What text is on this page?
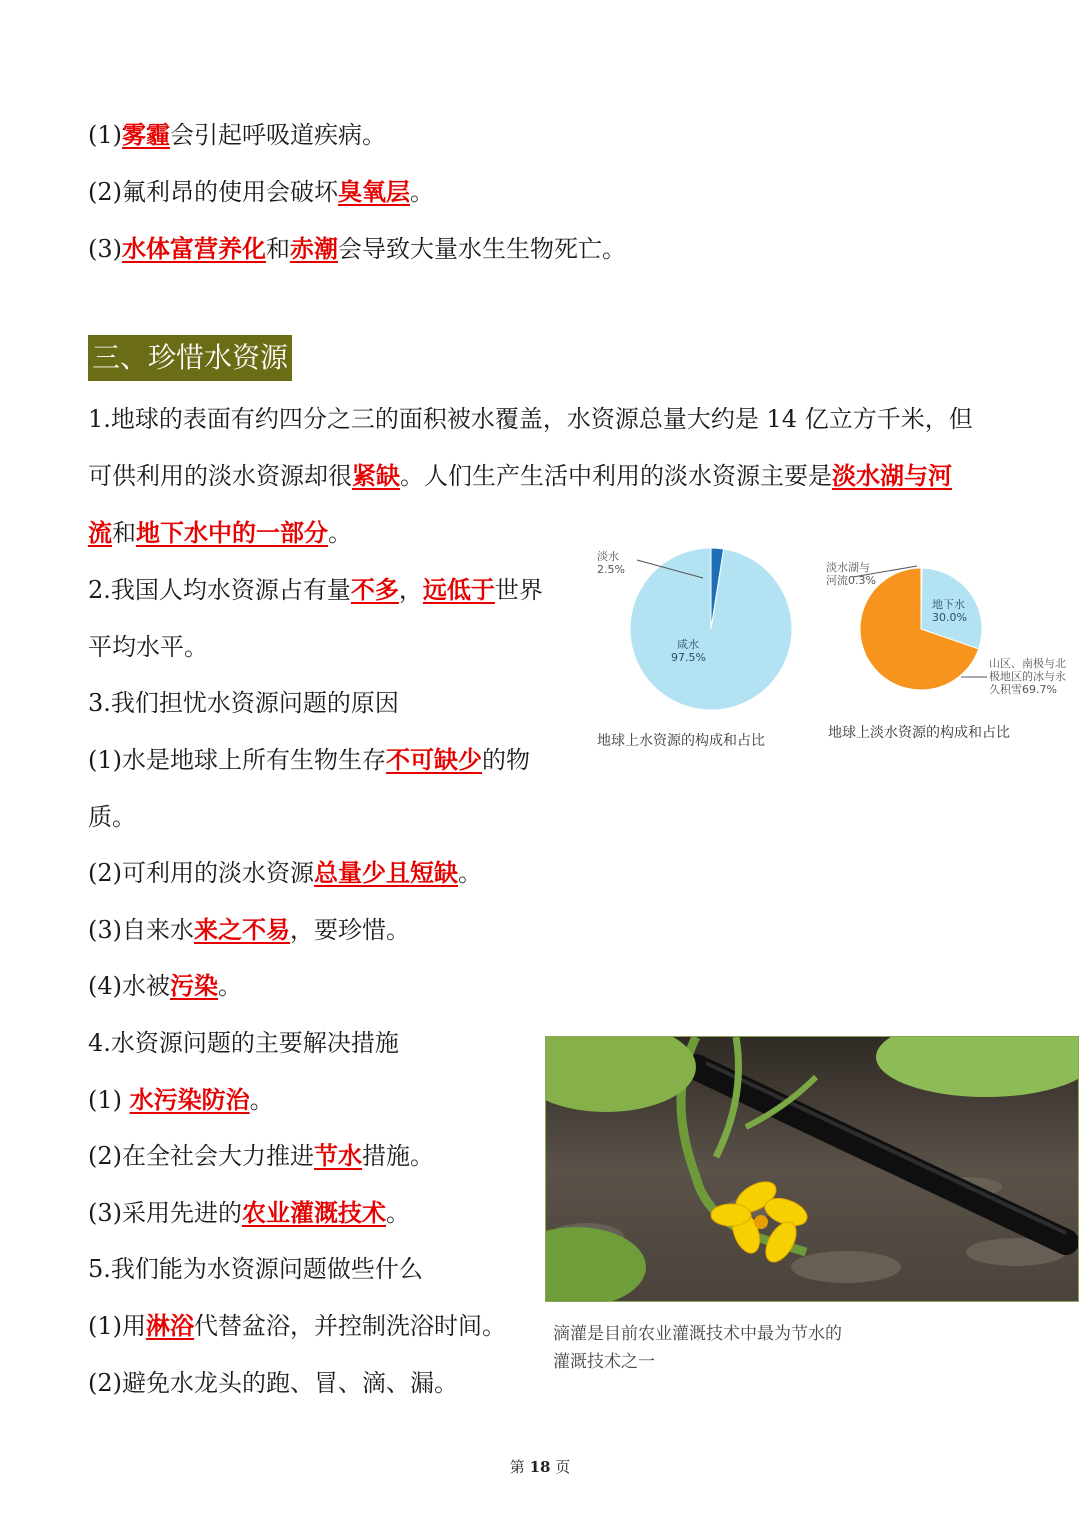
(1)雾霾会引起呼吸道疾病。
(2)氟利昂的使用会破坏臭氧层。
(3)水体富营养化和赤潮会导致大量水生生物死亡。
三、珍惜水资源
1.地球的表面有约四分之三的面积被水覆盖，水资源总量大约是 14 亿立方千米，但
可供利用的淡水资源却很紧缺。人们生产生活中利用的淡水资源主要是淡水湖与河
流和地下水中的一部分。
2.我国人均水资源占有量不多，远低于世界
平均水平。
3.我们担忧水资源问题的原因
(1)水是地球上所有生物生存不可缺少的物
质。
(2)可利用的淡水资源总量少且短缺。
(3)自来水来之不易，要珍惜。
(4)水被污染。
4.水资源问题的主要解决措施
(1) 水污染防治。
(2)在全社会大力推进节水措施。
(3)采用先进的农业灌溉技术。
5.我们能为水资源问题做些什么
(1)用淋浴代替盆浴，并控制洗浴时间。
(2)避免水龙头的跑、冒、滴、漏。
淡水
2.5%
咸水
97.5%
淡水湖与
河流0.3%
地下水
30.0%
山区、南极与北
极地区的冰与永
久积雪69.7%
地球上水资源的构成和占比	地球上淡水资源的构成和占比
滴灌是目前农业灌溉技术中最为节水的
灌溉技术之一
第 18 页
